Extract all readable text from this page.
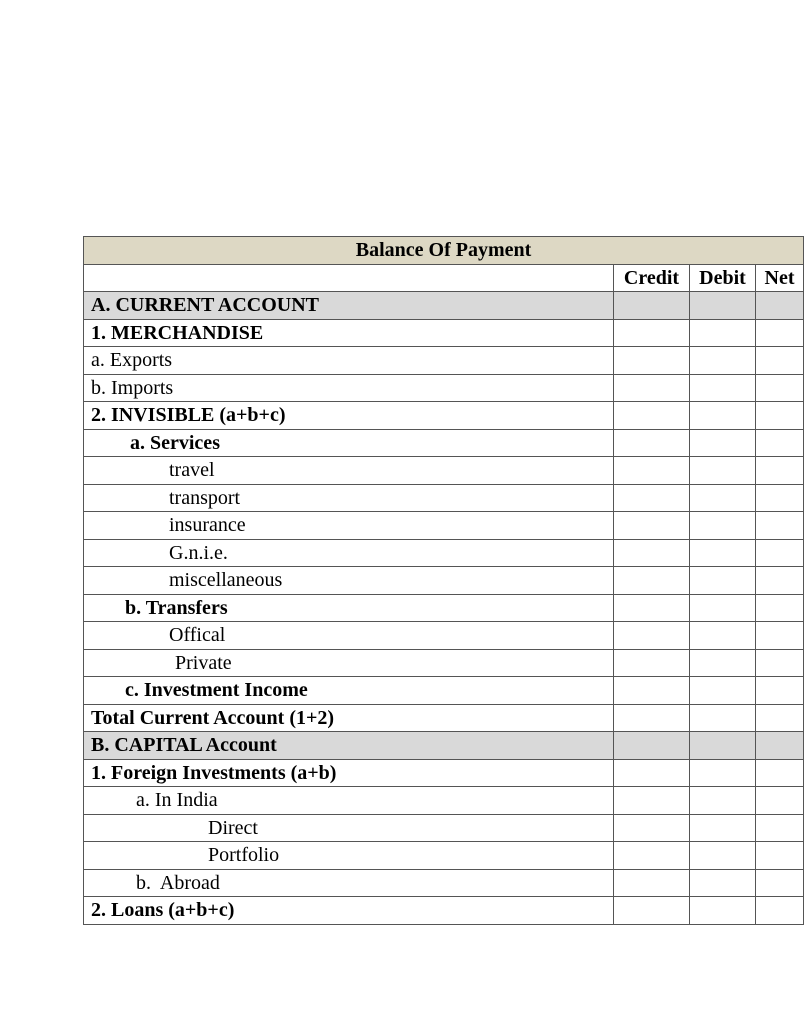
Balance Of Payment			
	Credit	Debit	Net
A. CURRENT ACCOUNT			
1. MERCHANDISE			
a. Exports			
b. Imports			
2. INVISIBLE (a+b+c)			
a. Services			
travel			
transport			
insurance			
G.n.i.e.			
miscellaneous			
b. Transfers			
Offical			
Private			
c. Investment Income			
Total Current Account (1+2)			
B. CAPITAL Account			
1. Foreign Investments (a+b)			
a. In India			
Direct			
Portfolio			
b.  Abroad			
2. Loans (a+b+c)			
